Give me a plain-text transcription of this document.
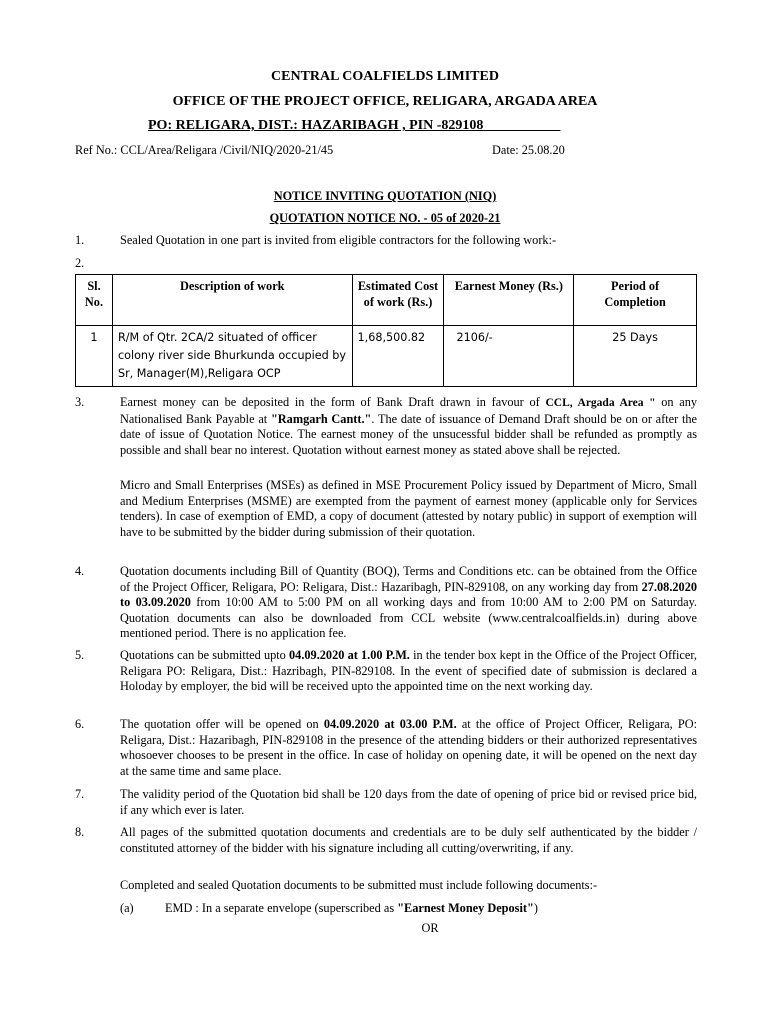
CENTRAL COALFIELDS LIMITED
OFFICE OF THE PROJECT OFFICE, RELIGARA, ARGADA AREA
PO: RELIGARA, DIST.: HAZARIBAGH , PIN -829108
Ref No.: CCL/Area/Religara /Civil/NIQ/2020-21/45	Date: 25.08.20
NOTICE INVITING QUOTATION (NIQ)
QUOTATION NOTICE NO. - 05 of 2020-21
1.	Sealed Quotation in one part is invited from eligible contractors for the following work:-
2.
Sl. No.	Description of work	Estimated Cost of work (Rs.)	Earnest Money (Rs.)	Period of Completion
1	R/M of Qtr. 2CA/2 situated of officer colony river side Bhurkunda occupied by Sr, Manager(M),Religara OCP	1,68,500.82	2106/-	25 Days
3.	Earnest money can be deposited in the form of Bank Draft drawn in favour of CCL, Argada Area " on any Nationalised Bank Payable at "Ramgarh Cantt.". The date of issuance of Demand Draft should be on or after the date of issue of Quotation Notice. The earnest money of the unsucessful bidder shall be refunded as promptly as possible and shall bear no interest. Quotation without earnest money as stated above shall be rejected.
Micro and Small Enterprises (MSEs) as defined in MSE Procurement Policy issued by Department of Micro, Small and Medium Enterprises (MSME) are exempted from the payment of earnest money (applicable only for Services tenders). In case of exemption of EMD, a copy of document (attested by notary public) in support of exemption will have to be submitted by the bidder during submission of their quotation.
4.	Quotation documents including Bill of Quantity (BOQ), Terms and Conditions etc. can be obtained from the Office of the Project Officer, Religara, PO: Religara, Dist.: Hazaribagh, PIN-829108, on any working day from 27.08.2020 to 03.09.2020 from 10:00 AM to 5:00 PM on all working days and from 10:00 AM to 2:00 PM on Saturday. Quotation documents can also be downloaded from CCL website (www.centralcoalfields.in) during above mentioned period. There is no application fee.
5.	Quotations can be submitted upto 04.09.2020 at 1.00 P.M. in the tender box kept in the Office of the Project Officer, Religara PO: Religara, Dist.: Hazribagh, PIN-829108. In the event of specified date of submission is declared a Holoday by employer, the bid will be received upto the appointed time on the next working day.
6.	The quotation offer will be opened on 04.09.2020 at 03.00 P.M. at the office of Project Officer, Religara, PO: Religara, Dist.: Hazaribagh, PIN-829108 in the presence of the attending bidders or their authorized representatives whosoever chooses to be present in the office. In case of holiday on opening date, it will be opened on the next day at the same time and same place.
7.	The validity period of the Quotation bid shall be 120 days from the date of opening of price bid or revised price bid, if any which ever is later.
8.	All pages of the submitted quotation documents and credentials are to be duly self authenticated by the bidder / constituted attorney of the bidder with his signature including all cutting/overwriting, if any.
Completed and sealed Quotation documents to be submitted must include following documents:-
(a)	EMD : In a separate envelope (superscribed as "Earnest Money Deposit")
OR
